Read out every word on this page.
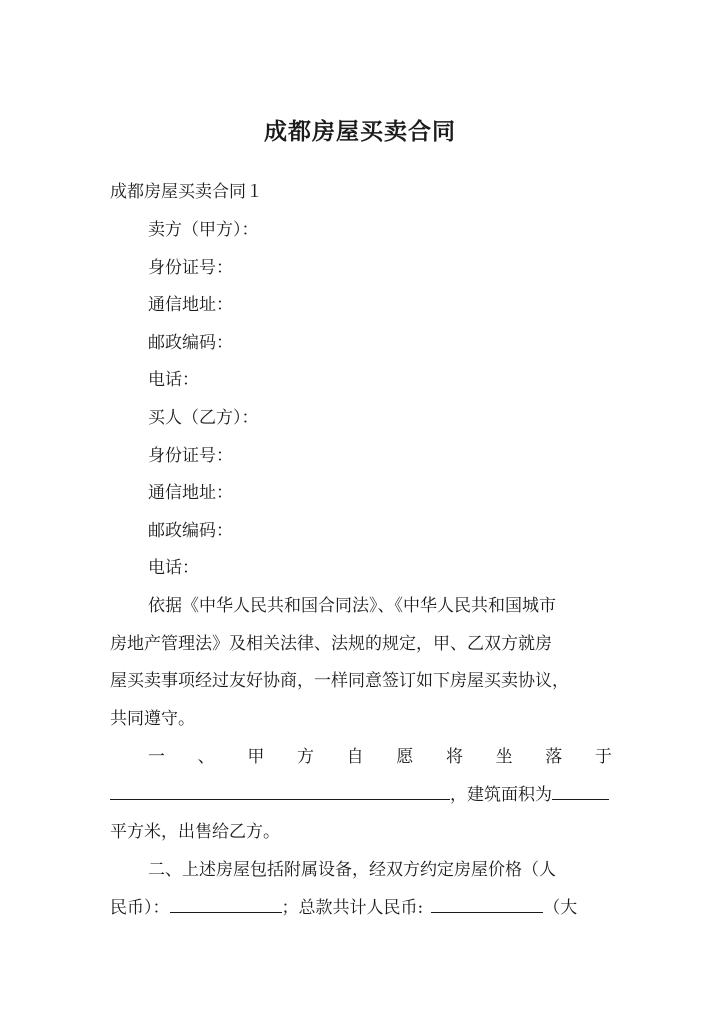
成都房屋买卖合同
成都房屋买卖合同１
卖方（甲方）：
身份证号：
通信地址：
邮政编码：
电话：
买人（乙方）：
身份证号：
通信地址：
邮政编码：
电话：
依据《中华人民共和国合同法》、《中华人民共和国城市
房地产管理法》及相关法律、法规的规定，甲、乙双方就房
屋买卖事项经过友好协商，一样同意签订如下房屋买卖协议，
共同遵守。
一 、 甲 方 自 愿 将 坐 落 于
，建筑面积为
平方米，出售给乙方。
二、上述房屋包括附属设备，经双方约定房屋价格（人
民币）：	；总款共计人民币:	（大
